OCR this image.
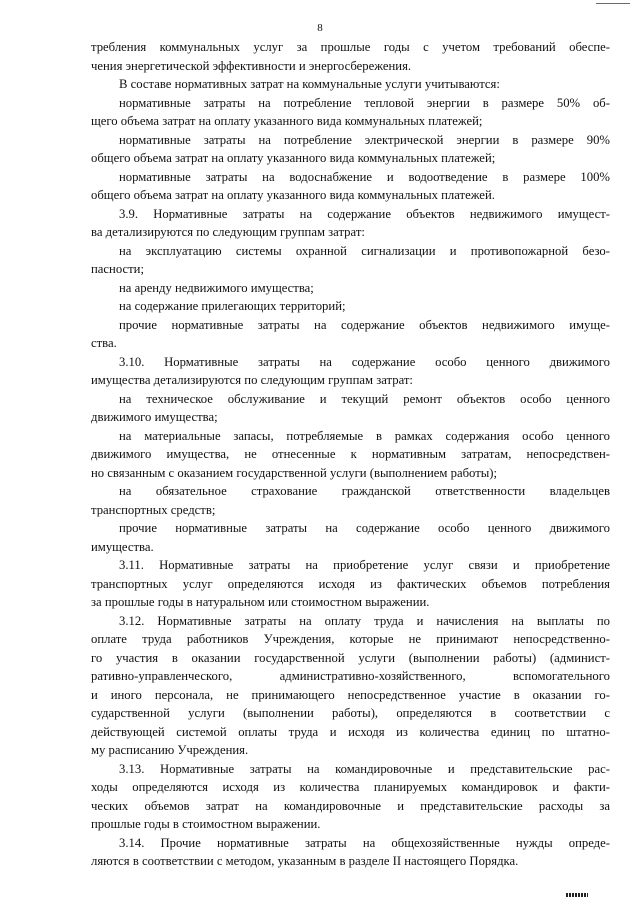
8
требления коммунальных услуг за прошлые годы с учетом требований обеспе-
чения энергетической эффективности и энергосбережения.
В составе нормативных затрат на коммунальные услуги учитываются:
нормативные затраты на потребление тепловой энергии в размере 50% об-
щего объема затрат на оплату указанного вида коммунальных платежей;
нормативные затраты на потребление электрической энергии в размере 90%
общего объема затрат на оплату указанного вида коммунальных платежей;
нормативные затраты на водоснабжение и водоотведение в размере 100%
общего объема затрат на оплату указанного вида коммунальных платежей.
3.9. Нормативные затраты на содержание объектов недвижимого имущест-
ва детализируются по следующим группам затрат:
на эксплуатацию системы охранной сигнализации и противопожарной безо-
пасности;
на аренду недвижимого имущества;
на содержание прилегающих территорий;
прочие нормативные затраты на содержание объектов недвижимого имуще-
ства.
3.10. Нормативные затраты на содержание особо ценного движимого
имущества детализируются по следующим группам затрат:
на техническое обслуживание и текущий ремонт объектов особо ценного
движимого имущества;
на материальные запасы, потребляемые в рамках содержания особо ценного
движимого имущества, не отнесенные к нормативным затратам, непосредствен-
но связанным с оказанием государственной услуги (выполнением работы);
на обязательное страхование гражданской ответственности владельцев
транспортных средств;
прочие нормативные затраты на содержание особо ценного движимого
имущества.
3.11. Нормативные затраты на приобретение услуг связи и приобретение
транспортных услуг определяются исходя из фактических объемов потребления
за прошлые годы в натуральном или стоимостном выражении.
3.12. Нормативные затраты на оплату труда и начисления на выплаты по
оплате труда работников Учреждения, которые не принимают непосредственно-
го участия в оказании государственной услуги (выполнении работы) (админист-
ративно-управленческого, административно-хозяйственного, вспомогательного
и иного персонала, не принимающего непосредственное участие в оказании го-
сударственной услуги (выполнении работы), определяются в соответствии с
действующей системой оплаты труда и исходя из количества единиц по штатно-
му расписанию Учреждения.
3.13. Нормативные затраты на командировочные и представительские рас-
ходы определяются исходя из количества планируемых командировок и факти-
ческих объемов затрат на командировочные и представительские расходы за
прошлые годы в стоимостном выражении.
3.14. Прочие нормативные затраты на общехозяйственные нужды опреде-
ляются в соответствии с методом, указанным в разделе II настоящего Порядка.
